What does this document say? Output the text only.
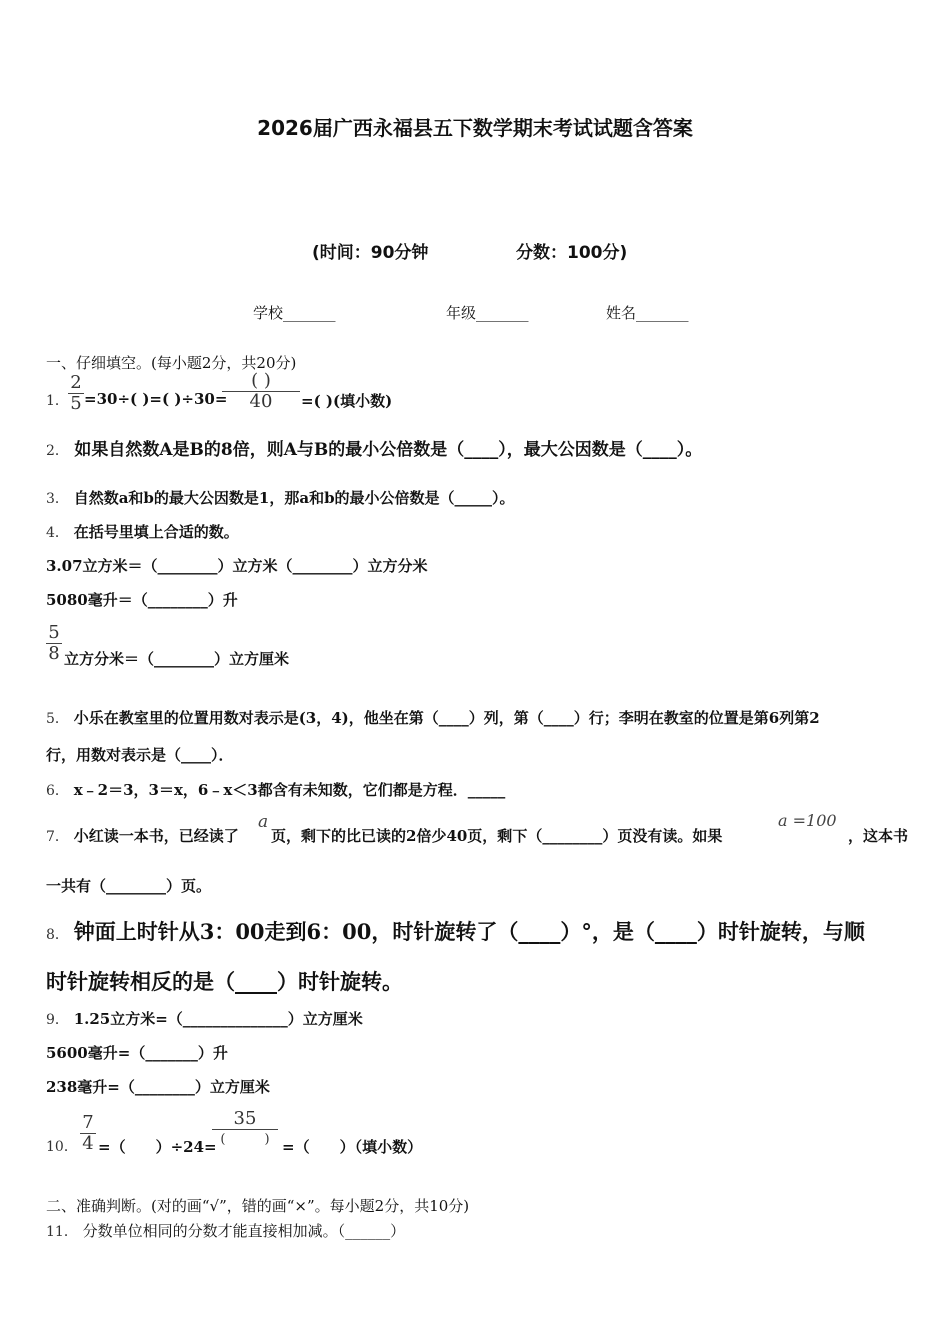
2026届广西永福县五下数学期末考试试题含答案
(时间：90分钟	分数：100分)
学校_______	年级_______	姓名_______
一、仔细填空。(每小题2分，共20分)
1．
2
5 =30÷( )=( )÷30=
( )
40	=( )(填小数)
2． 如果自然数A是B的8倍，则A与B的最小公倍数是（____），最大公因数是（____）。
3． 自然数a和b的最大公因数是1，那a和b的最小公倍数是（_____）。
4． 在括号里填上合适的数。
3.07立方米＝（________）立方米（________）立方分米
5080毫升＝（________）升
5
8 立方分米＝（________）立方厘米
5． 小乐在教室里的位置用数对表示是(3，4)，他坐在第（____）列，第（____）行；李明在教室的位置是第6列第2
行，用数对表示是（____）．
6． x﹣2＝3，3＝x，6﹣x＜3都含有未知数，它们都是方程．_____
7． 小红读一本书，已经读了
a
页，剩下的比已读的2倍少40页，剩下（________）页没有读。如果
a =100
，这本书
一共有（________）页。
8． 钟面上时针从3：00走到6：00，时针旋转了（____）°，是（____）时针旋转，与顺
时针旋转相反的是（____）时针旋转。
9． 1.25立方米=（______________）立方厘米
5600毫升=（_______）升
238毫升=（________）立方厘米
10．
7
4 =（　　）÷24=
35
(　　　) =（　　）（填小数）
二、准确判断。(对的画“√”，错的画“×”。每小题2分，共10分)
11． 分数单位相同的分数才能直接相加减。（______）
